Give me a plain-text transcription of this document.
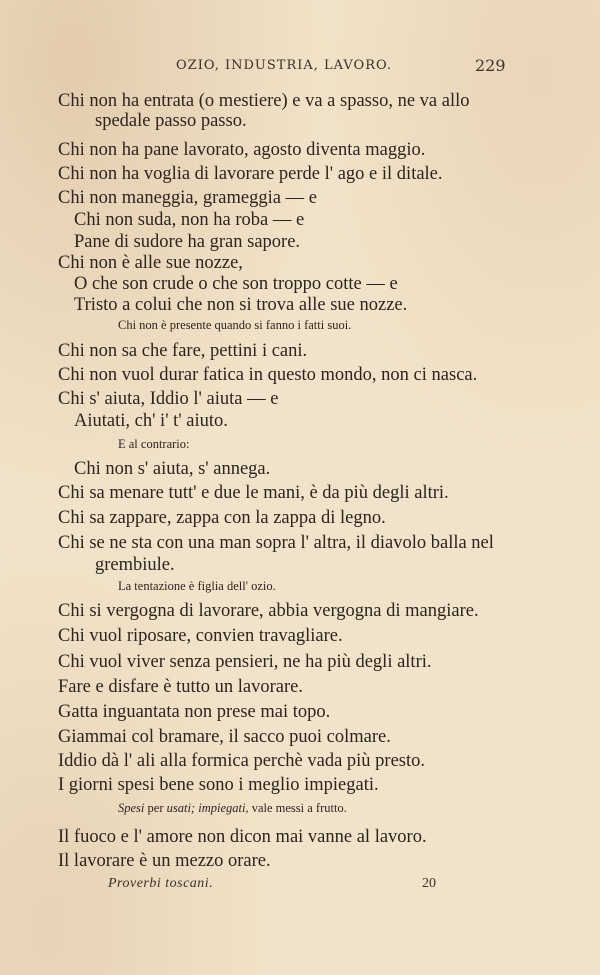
OZIO, INDUSTRIA, LAVORO.	229
Chi non ha entrata (o mestiere) e va a spasso, ne va allo
spedale passo passo.
Chi non ha pane lavorato, agosto diventa maggio.
Chi non ha voglia di lavorare perde l' ago e il ditale.
Chi non maneggia, grameggia — e
Chi non suda, non ha roba — e
Pane di sudore ha gran sapore.
Chi non è alle sue nozze,
O che son crude o che son troppo cotte — e
Tristo a colui che non si trova alle sue nozze.
Chi non è presente quando si fanno i fatti suoi.
Chi non sa che fare, pettini i cani.
Chi non vuol durar fatica in questo mondo, non ci nasca.
Chi s' aiuta, Iddio l' aiuta — e
Aiutati, ch' i' t' aiuto.
E al contrario:
Chi non s' aiuta, s' annega.
Chi sa menare tutt' e due le mani, è da più degli altri.
Chi sa zappare, zappa con la zappa di legno.
Chi se ne sta con una man sopra l' altra, il diavolo balla nel
grembiule.
La tentazione è figlia dell' ozio.
Chi si vergogna di lavorare, abbia vergogna di mangiare.
Chi vuol riposare, convien travagliare.
Chi vuol viver senza pensieri, ne ha più degli altri.
Fare e disfare è tutto un lavorare.
Gatta inguantata non prese mai topo.
Giammai col bramare, il sacco puoi colmare.
Iddio dà l' ali alla formica perchè vada più presto.
I giorni spesi bene sono i meglio impiegati.
Spesi per usati; impiegati, vale messi a frutto.
Il fuoco e l' amore non dicon mai vanne al lavoro.
Il lavorare è un mezzo orare.
Proverbi toscani.	20
